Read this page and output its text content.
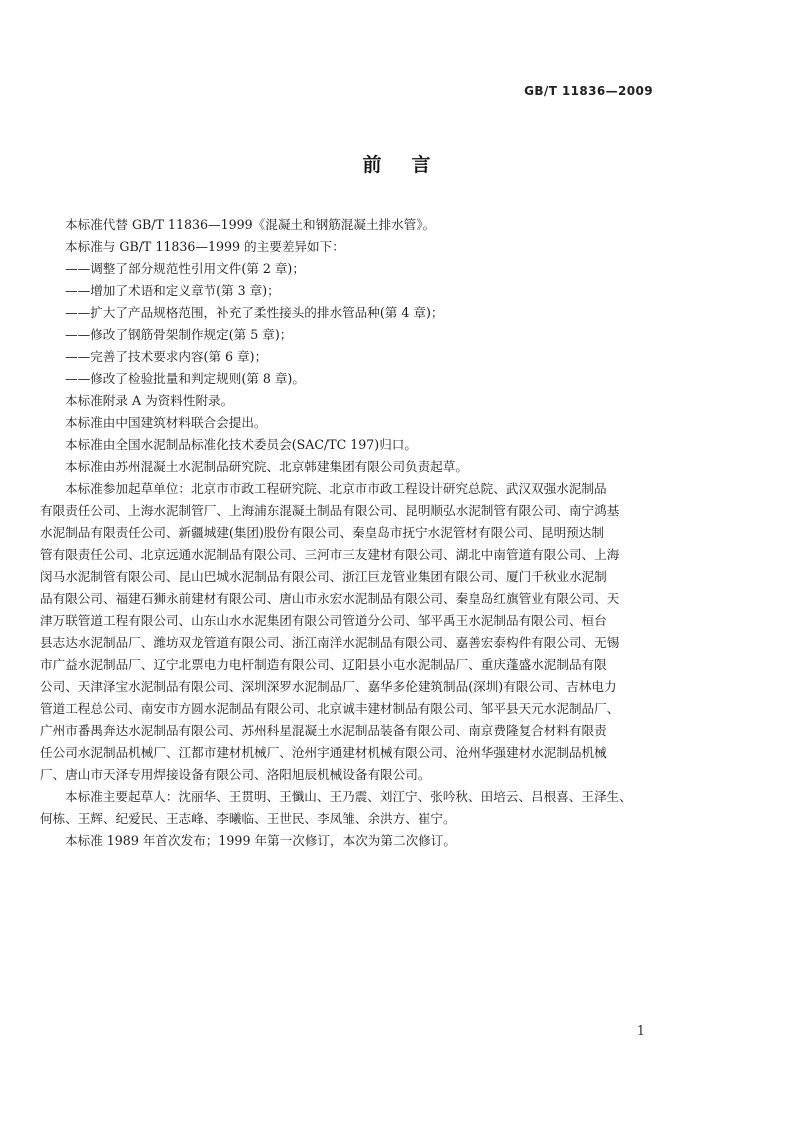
GB/T 11836—2009
前言
本标准代替 GB/T 11836—1999《混凝土和钢筋混凝土排水管》。
本标准与 GB/T 11836—1999 的主要差异如下：
——调整了部分规范性引用文件(第 2 章)；
——增加了术语和定义章节(第 3 章)；
——扩大了产品规格范围，补充了柔性接头的排水管品种(第 4 章)；
——修改了钢筋骨架制作规定(第 5 章)；
——完善了技术要求内容(第 6 章)；
——修改了检验批量和判定规则(第 8 章)。
本标准附录 A 为资料性附录。
本标准由中国建筑材料联合会提出。
本标准由全国水泥制品标准化技术委员会(SAC/TC 197)归口。
本标准由苏州混凝土水泥制品研究院、北京韩建集团有限公司负责起草。
本标准参加起草单位：北京市市政工程研究院、北京市市政工程设计研究总院、武汉双强水泥制品
有限责任公司、上海水泥制管厂、上海浦东混凝土制品有限公司、昆明顺弘水泥制管有限公司、南宁鸿基
水泥制品有限责任公司、新疆城建(集团)股份有限公司、秦皇岛市抚宁水泥管材有限公司、昆明预达制
管有限责任公司、北京远通水泥制品有限公司、三河市三友建材有限公司、湖北中南管道有限公司、上海
闵马水泥制管有限公司、昆山巴城水泥制品有限公司、浙江巨龙管业集团有限公司、厦门千秋业水泥制
品有限公司、福建石狮永前建材有限公司、唐山市永宏水泥制品有限公司、秦皇岛红旗管业有限公司、天
津万联管道工程有限公司、山东山水水泥集团有限公司管道分公司、邹平禹王水泥制品有限公司、桓台
县志达水泥制品厂、潍坊双龙管道有限公司、浙江南洋水泥制品有限公司、嘉善宏泰构件有限公司、无锡
市广益水泥制品厂、辽宁北票电力电杆制造有限公司、辽阳县小屯水泥制品厂、重庆蓬盛水泥制品有限
公司、天津泽宝水泥制品有限公司、深圳深罗水泥制品厂、嘉华多伦建筑制品(深圳)有限公司、吉林电力
管道工程总公司、南安市方圆水泥制品有限公司、北京诚丰建材制品有限公司、邹平县天元水泥制品厂、
广州市番禺奔达水泥制品有限公司、苏州科星混凝土水泥制品装备有限公司、南京费隆复合材料有限责
任公司水泥制品机械厂、江都市建材机械厂、沧州宇通建材机械有限公司、沧州华强建材水泥制品机械
厂、唐山市天泽专用焊接设备有限公司、洛阳旭辰机械设备有限公司。
本标准主要起草人：沈丽华、王贯明、王懺山、王乃震、刘江宁、张吟秋、田培云、吕根喜、王泽生、
何栋、王辉、纪爱民、王志峰、李曦临、王世民、李凤雏、余洪方、崔宁。
本标准 1989 年首次发布；1999 年第一次修订，本次为第二次修订。
1
